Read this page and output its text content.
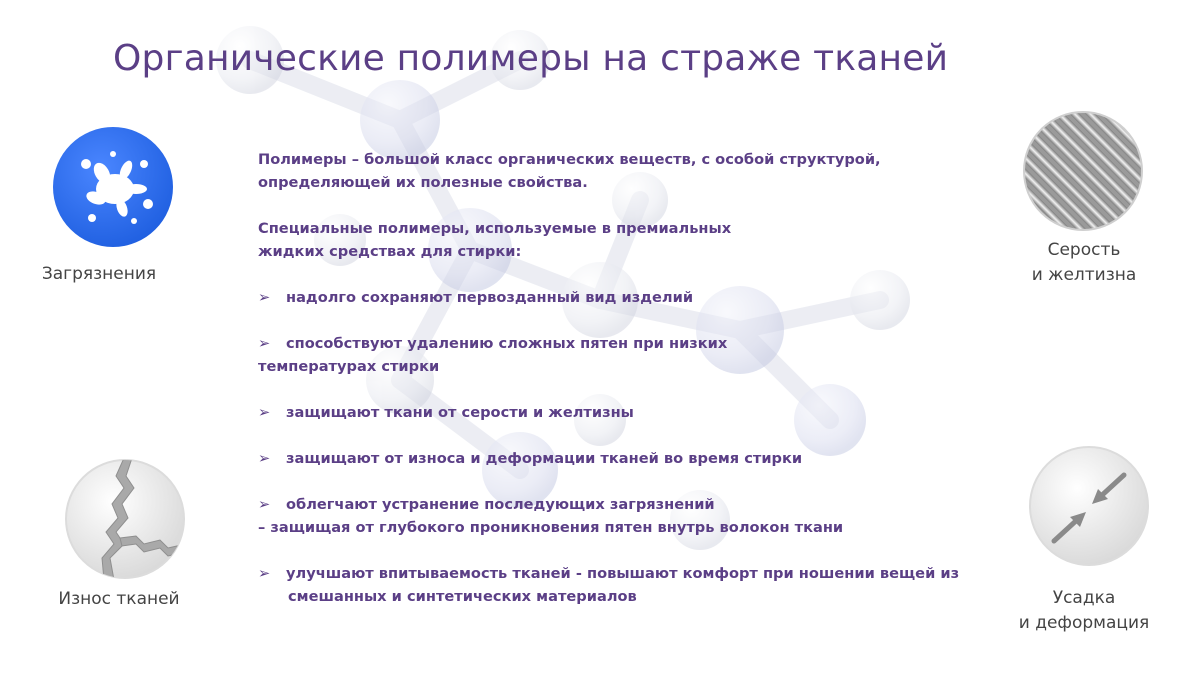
Органические полимеры на страже тканей
Загрязнения
Серость
и желтизна
Износ тканей	Усадка
и деформация

Полимеры – большой класс органических веществ, с особой структурой,

определяющей их полезные свойства.

Специальные полимеры, используемые в премиальных

жидких средствах для стирки:

➢ надолго сохраняют первозданный вид изделий

➢ способствуют удалению сложных пятен при низких

температурах стирки

➢ защищают ткани от серости и желтизны

➢ защищают от износа и деформации тканей во время стирки

➢ облегчают устранение последующих загрязнений

– защищая от глубокого проникновения пятен внутрь волокон ткани

➢ улучшают впитываемость тканей - повышают комфорт при ношении вещей из

смешанных и синтетических материалов
